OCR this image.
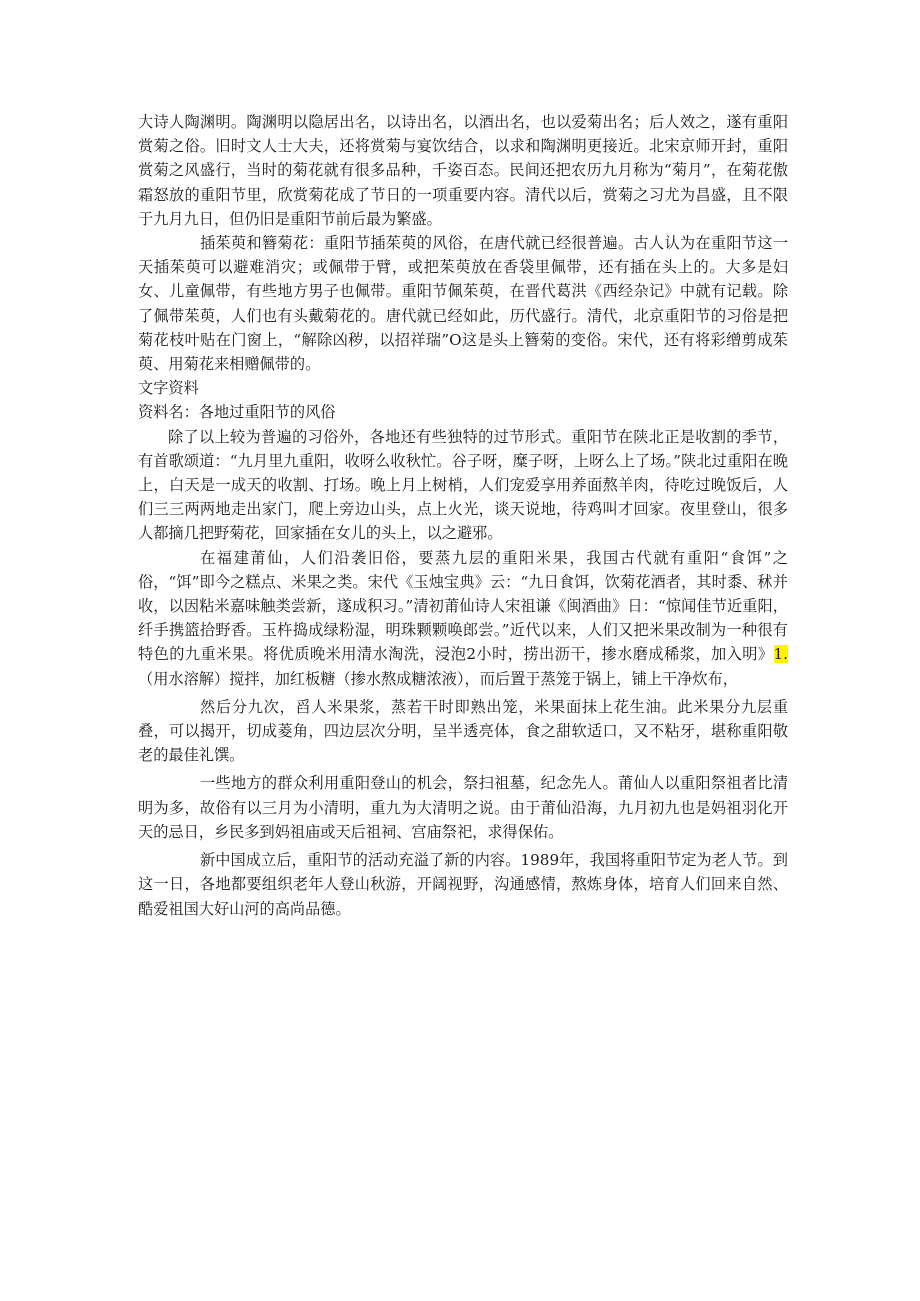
大诗人陶渊明。陶渊明以隐居出名，以诗出名，以酒出名，也以爱菊出名；后人效之，遂有重阳赏菊之俗。旧时文人士大夫，还将赏菊与宴饮结合，以求和陶渊明更接近。北宋京师开封，重阳赏菊之风盛行，当时的菊花就有很多品种，千姿百态。民间还把农历九月称为“菊月”，在菊花傲霜怒放的重阳节里，欣赏菊花成了节日的一项重要内容。清代以后，赏菊之习尤为昌盛，且不限于九月九日，但仍旧是重阳节前后最为繁盛。

插茱萸和簪菊花：重阳节插茱萸的风俗，在唐代就已经很普遍。古人认为在重阳节这一天插茱萸可以避难消灾；或佩带于臂，或把茱萸放在香袋里佩带，还有插在头上的。大多是妇女、儿童佩带，有些地方男子也佩带。重阳节佩茱萸，在晋代葛洪《西经杂记》中就有记载。除了佩带茱萸，人们也有头戴菊花的。唐代就已经如此，历代盛行。清代，北京重阳节的习俗是把菊花枝叶贴在门窗上，“解除凶秽，以招祥瑞”O这是头上簪菊的变俗。宋代，还有将彩缯剪成茱萸、用菊花来相赠佩带的。

文字资料

资料名：各地过重阳节的风俗

除了以上较为普遍的习俗外，各地还有些独特的过节形式。重阳节在陕北正是收割的季节，有首歌颂道：“九月里九重阳，收呀么收秋忙。谷子呀，糜子呀，上呀么上了场。”陕北过重阳在晚上，白天是一成天的收割、打场。晚上月上树梢，人们宠爱享用养面熬羊肉，待吃过晚饭后，人们三三两两地走出家门，爬上旁边山头，点上火光，谈天说地，待鸡叫才回家。夜里登山，很多人都摘几把野菊花，回家插在女儿的头上，以之避邪。

在福建莆仙，人们沿袭旧俗，要蒸九层的重阳米果，我国古代就有重阳“食饵”之俗，“饵”即今之糕点、米果之类。宋代《玉烛宝典》云：“九日食饵，饮菊花酒者，其时黍、秫并收，以因粘米嘉味触类尝新，遂成积习。”清初莆仙诗人宋祖谦《闽酒曲》日：“惊闻佳节近重阳，纤手携篮拾野香。玉杵捣成绿粉湿，明珠颗颗唤郎尝。”近代以来，人们又把米果改制为一种很有特色的九重米果。将优质晚米用清水淘洗，浸泡2小时，捞出沥干，掺水磨成稀浆，加入明》1.（用水溶解）搅拌，加红板糖（掺水熬成糖浓液），而后置于蒸笼于锅上，铺上干净炊布，

然后分九次，舀人米果浆，蒸若干时即熟出笼，米果面抹上花生油。此米果分九层重叠，可以揭开，切成菱角，四边层次分明，呈半透亮体，食之甜软适口，又不粘牙，堪称重阳敬老的最佳礼馔。

一些地方的群众利用重阳登山的机会，祭扫祖墓，纪念先人。莆仙人以重阳祭祖者比清明为多，故俗有以三月为小清明，重九为大清明之说。由于莆仙沿海，九月初九也是妈祖羽化开天的忌日，乡民多到妈祖庙或天后祖祠、宫庙祭祀，求得保佑。

新中国成立后，重阳节的活动充溢了新的内容。1989年，我国将重阳节定为老人节。到这一日，各地都要组织老年人登山秋游，开阔视野，沟通感情，熬炼身体，培育人们回来自然、酷爱祖国大好山河的高尚品德。
